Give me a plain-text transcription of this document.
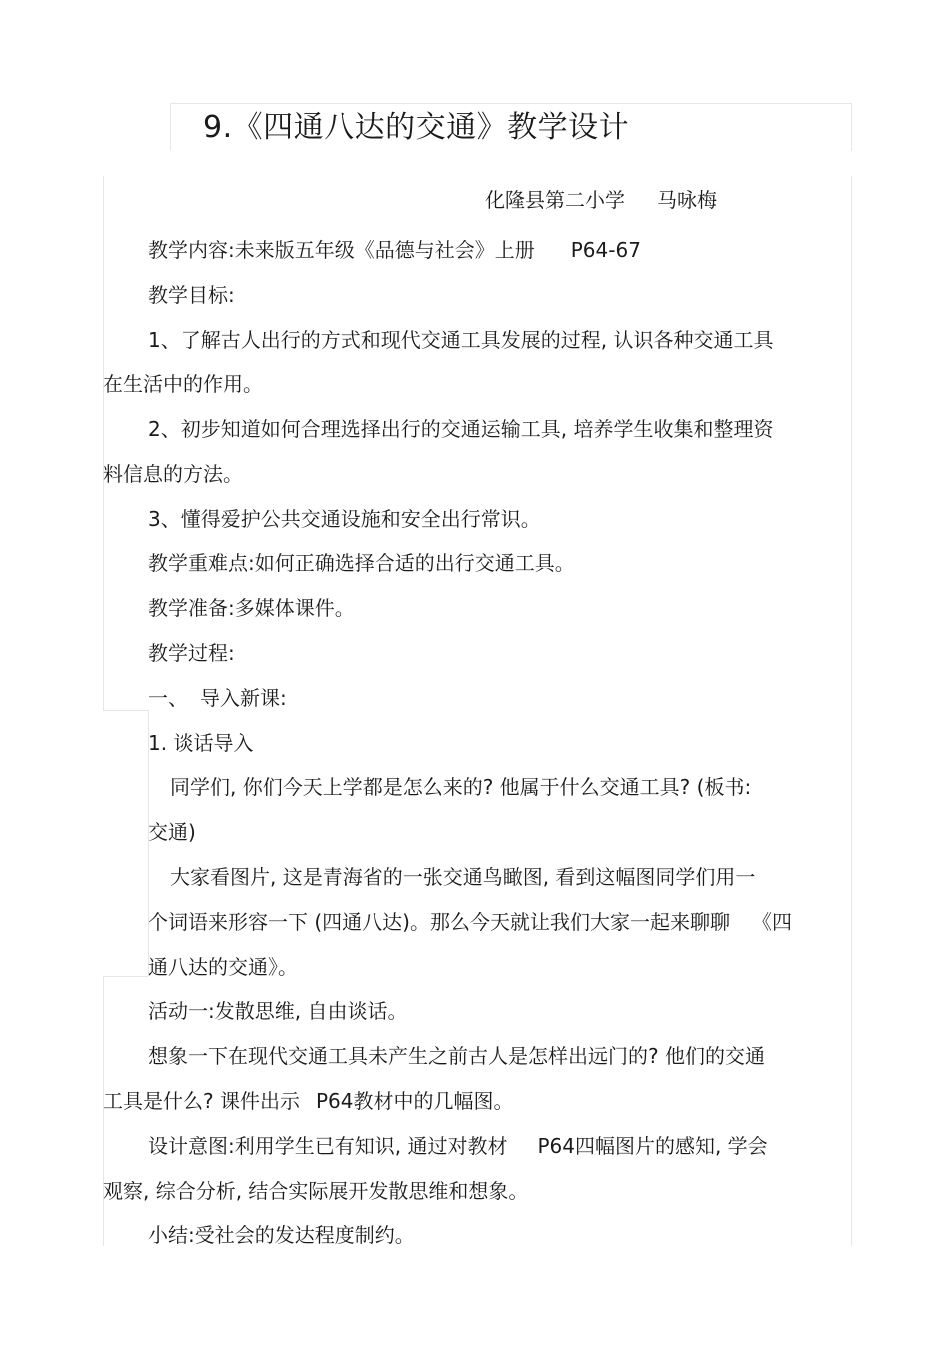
9.《四通八达的交通》教学设计
化隆县第二小学 马咏梅
教学内容:未来版五年级《品德与社会》上册 P64-67
教学目标:
1、了解古人出行的方式和现代交通工具发展的过程, 认识各种交通工具
在生活中的作用。
2、初步知道如何合理选择出行的交通运输工具, 培养学生收集和整理资
料信息的方法。
3、懂得爱护公共交通设施和安全出行常识。
教学重难点:如何正确选择合适的出行交通工具。
教学准备:多媒体课件。
教学过程:
一、 导入新课:
1. 谈话导入
同学们, 你们今天上学都是怎么来的? 他属于什么交通工具? (板书:
交通)
大家看图片, 这是青海省的一张交通鸟瞰图, 看到这幅图同学们用一
个词语来形容一下 (四通八达)。那么今天就让我们大家一起来聊聊 《四
通八达的交通》。
活动一:发散思维, 自由谈话。
想象一下在现代交通工具未产生之前古人是怎样出远门的? 他们的交通
工具是什么? 课件出示 P64教材中的几幅图。
设计意图:利用学生已有知识, 通过对教材 P64四幅图片的感知, 学会
观察, 综合分析, 结合实际展开发散思维和想象。
小结:受社会的发达程度制约。
